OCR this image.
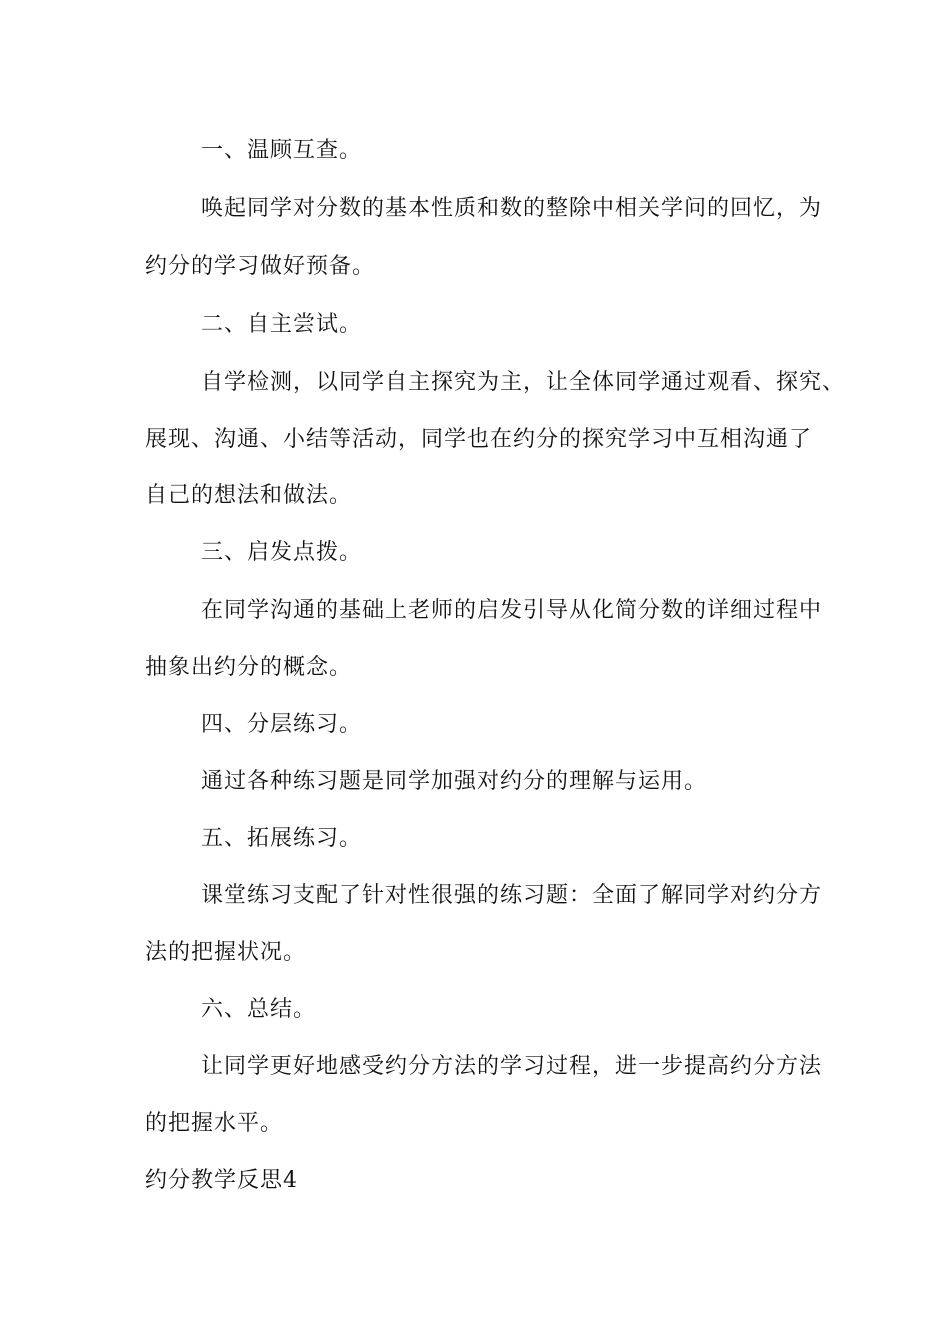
一、温顾互查。
唤起同学对分数的基本性质和数的整除中相关学问的回忆，为
约分的学习做好预备。
二、自主尝试。
自学检测，以同学自主探究为主，让全体同学通过观看、探究、
展现、沟通、小结等活动，同学也在约分的探究学习中互相沟通了
自己的想法和做法。
三、启发点拨。
在同学沟通的基础上老师的启发引导从化简分数的详细过程中
抽象出约分的概念。
四、分层练习。
通过各种练习题是同学加强对约分的理解与运用。
五、拓展练习。
课堂练习支配了针对性很强的练习题：全面了解同学对约分方
法的把握状况。
六、总结。
让同学更好地感受约分方法的学习过程，进一步提高约分方法
的把握水平。
约分教学反思4
